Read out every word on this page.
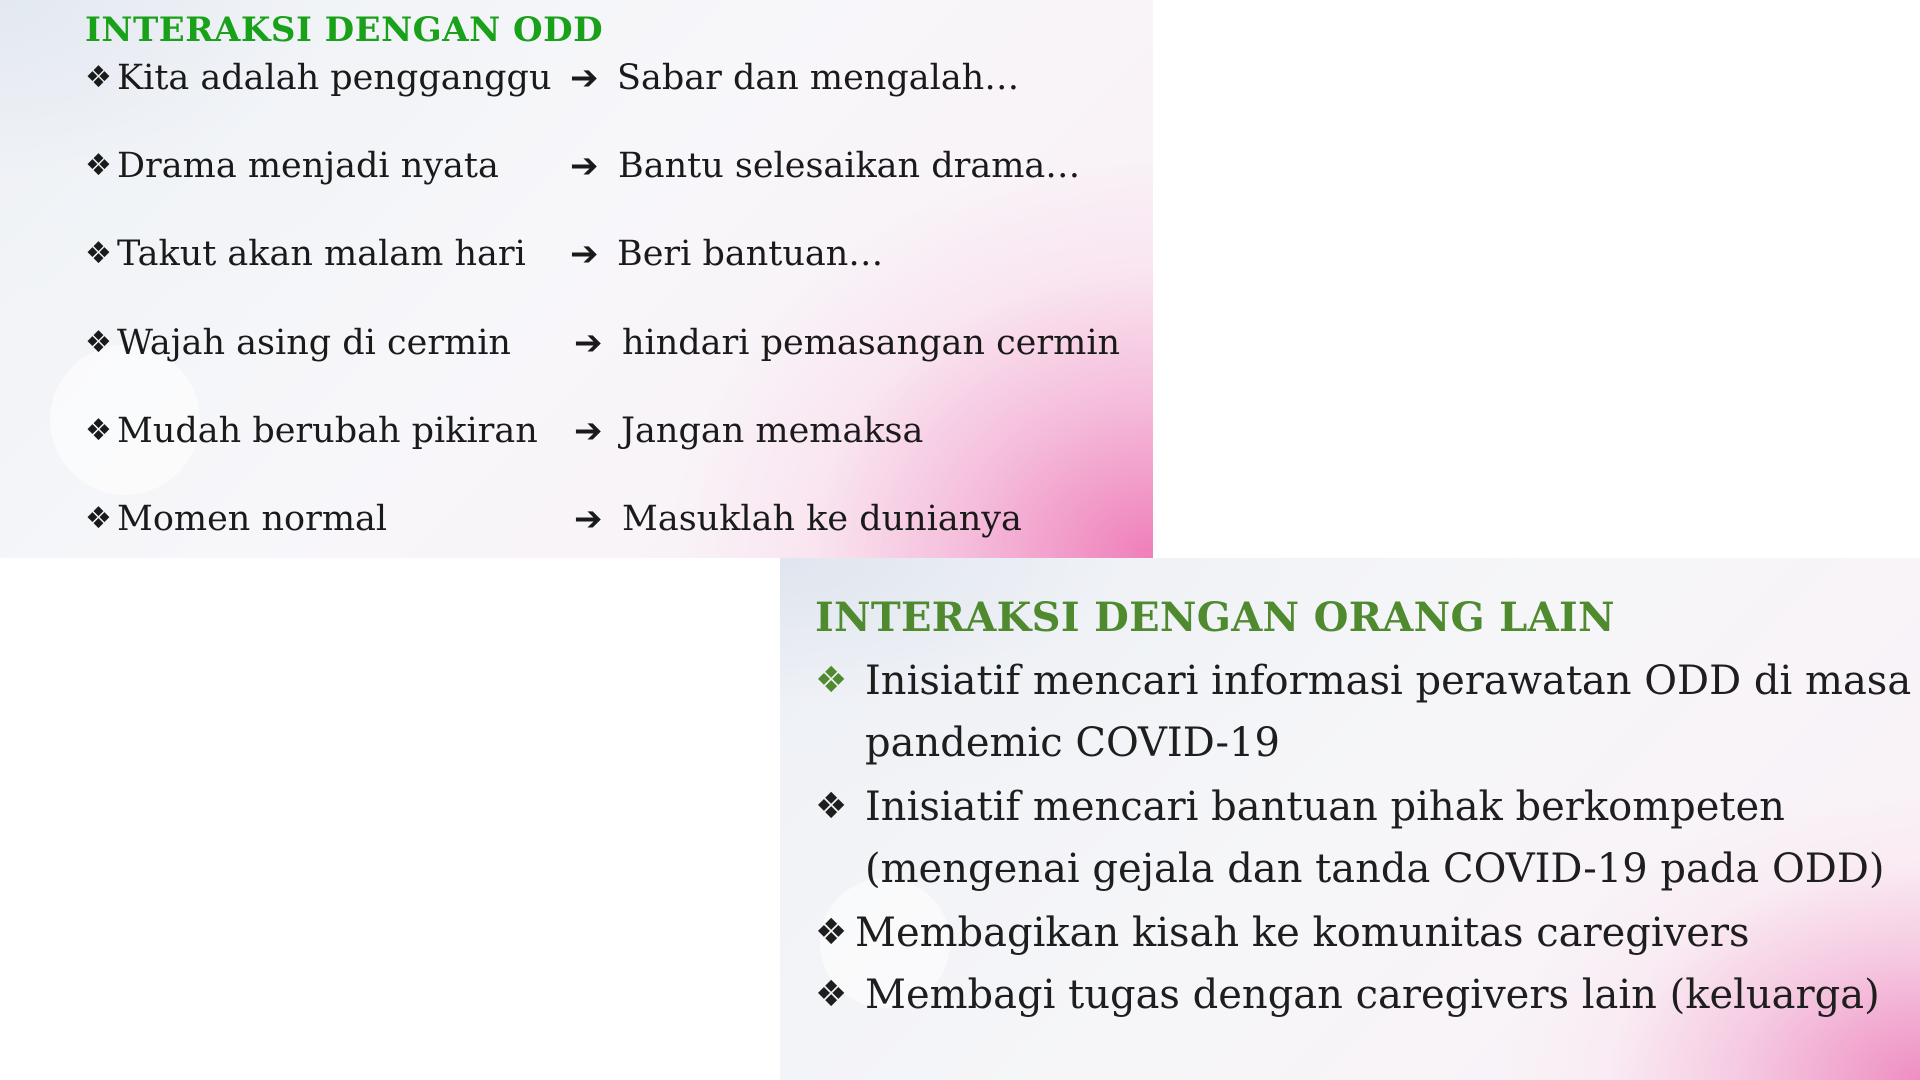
INTERAKSI DENGAN ODD
❖ Kita adalah pengganggu ➔ Sabar dan mengalah…
❖ Drama menjadi nyata ➔ Bantu selesaikan drama…
❖ Takut akan malam hari ➔ Beri bantuan…
❖ Wajah asing di cermin ➔ hindari pemasangan cermin
❖ Mudah berubah pikiran ➔ Jangan memaksa
❖ Momen normal	➔ Masuklah ke dunianya
INTERAKSI DENGAN ORANG LAIN
❖ Inisiatif mencari informasi perawatan ODD di masa
pandemic COVID-19
❖ Inisiatif mencari bantuan pihak berkompeten
(mengenai gejala dan tanda COVID-19 pada ODD)
❖ Membagikan kisah ke komunitas caregivers
❖ Membagi tugas dengan caregivers lain (keluarga)
